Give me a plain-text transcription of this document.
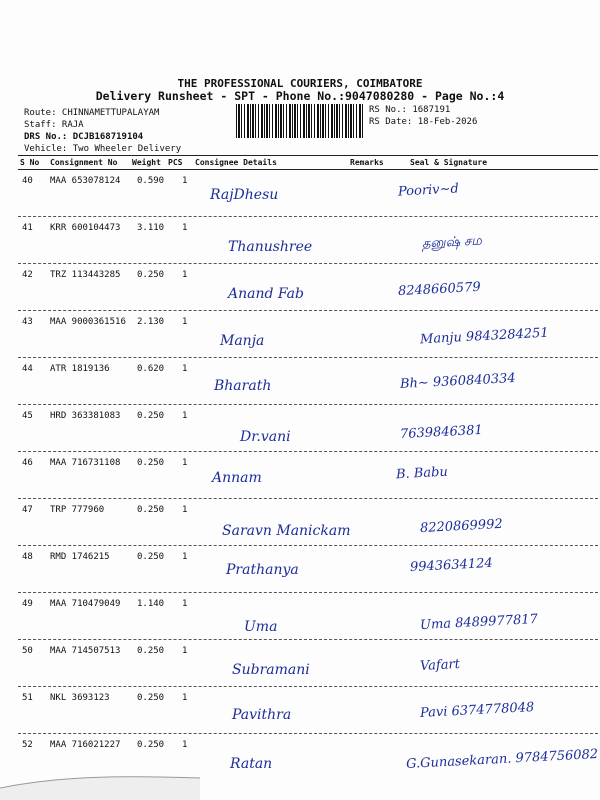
THE PROFESSIONAL COURIERS, COIMBATORE
Delivery Runsheet - SPT - Phone No.:9047080280 - Page No.:4
Route: CHINNAMETTUPALAYAM
Staff: RAJA
DRS No.: DCJB168719104
Vehicle: Two Wheeler Delivery
RS No.: 1687191
RS Date: 18-Feb-2026
S No Consignment No Weight PCS Consignee Details	Remarks	Seal & Signature
40 MAA 653078124 0.590 1
RajDhesu	Pooriv~d
41 KRR 600104473 3.110 1
Thanushree	தனுஷ் சம
42 TRZ 113443285 0.250 1
Anand Fab	8248660579
43 MAA 9000361516 2.130 1
Manja	Manju 9843284251
44 ATR 1819136	0.620 1
Bharath	Bh~ 9360840334
45 HRD 363381083 0.250 1
Dr.vani	7639846381
46 MAA 716731108 0.250 1
Annam	B. Babu
47 TRP 777960	0.250 1
Saravn Manickam	8220869992
48 RMD 1746215	0.250 1
Prathanya	9943634124
49 MAA 710479049 1.140 1
Uma	Uma 8489977817
50 MAA 714507513 0.250 1
Subramani	Vafart
51 NKL 3693123	0.250 1
Pavithra	Pavi 6374778048
52 MAA 716021227 0.250 1
Ratan	G.Gunasekaran. 9784756082
